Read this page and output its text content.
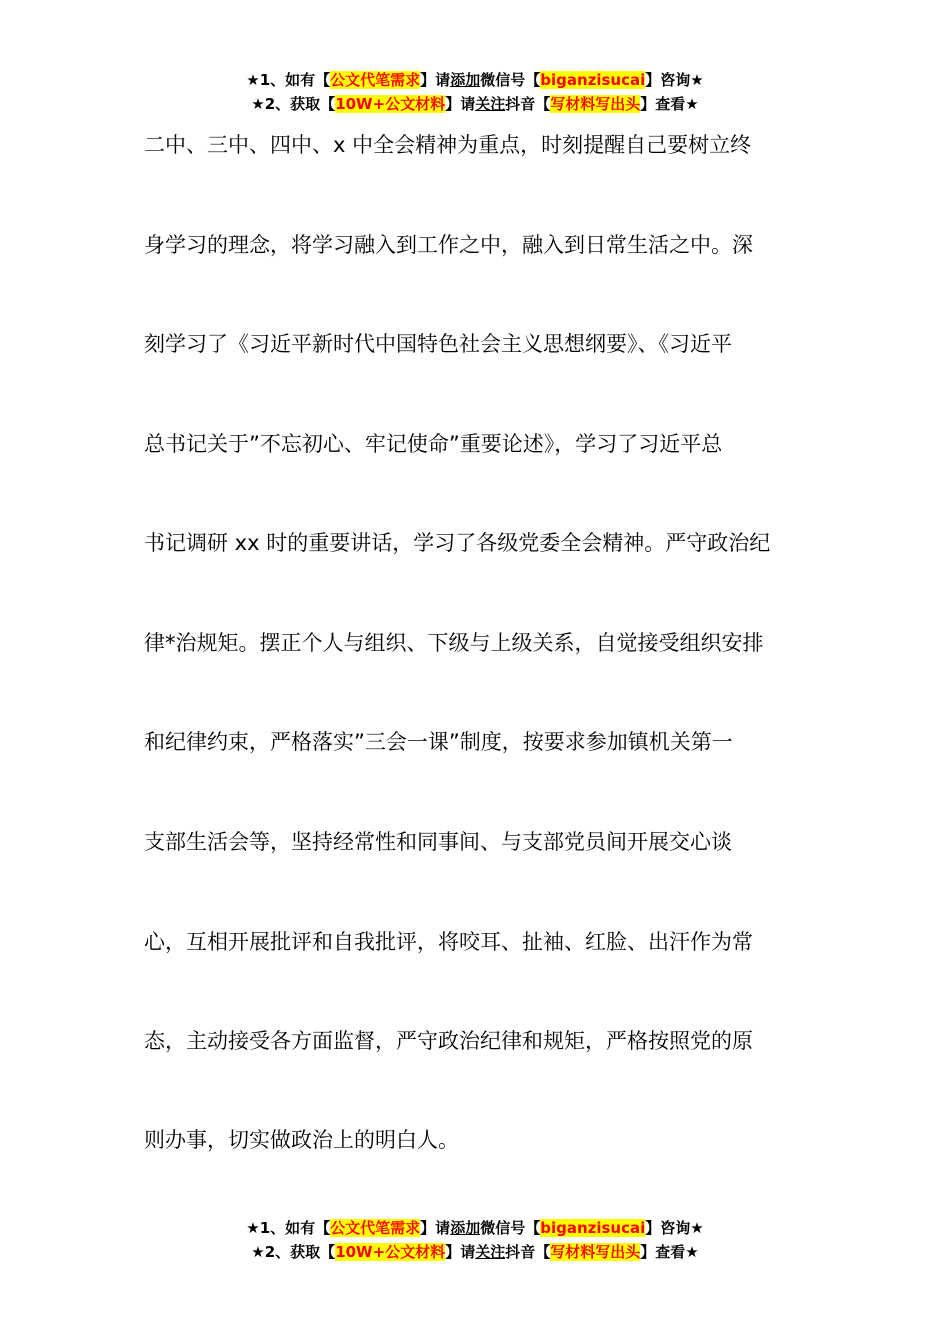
★1、如有【公文代笔需求】请添加微信号【biganzisucai】咨询★
★2、获取【10W+公文材料】请关注抖音【写材料写出头】查看★
二中、三中、四中、x 中全会精神为重点，时刻提醒自己要树立终
身学习的理念，将学习融入到工作之中，融入到日常生活之中。深
刻学习了《习近平新时代中国特色社会主义思想纲要》、《习近平
总书记关于”不忘初心、牢记使命”重要论述》，学习了习近平总
书记调研 xx 时的重要讲话，学习了各级党委全会精神。严守政治纪
律*治规矩。摆正个人与组织、下级与上级关系，自觉接受组织安排
和纪律约束，严格落实”三会一课”制度，按要求参加镇机关第一
支部生活会等，坚持经常性和同事间、与支部党员间开展交心谈
心，互相开展批评和自我批评，将咬耳、扯袖、红脸、出汗作为常
态，主动接受各方面监督，严守政治纪律和规矩，严格按照党的原
则办事，切实做政治上的明白人。
★1、如有【公文代笔需求】请添加微信号【biganzisucai】咨询★
★2、获取【10W+公文材料】请关注抖音【写材料写出头】查看★
